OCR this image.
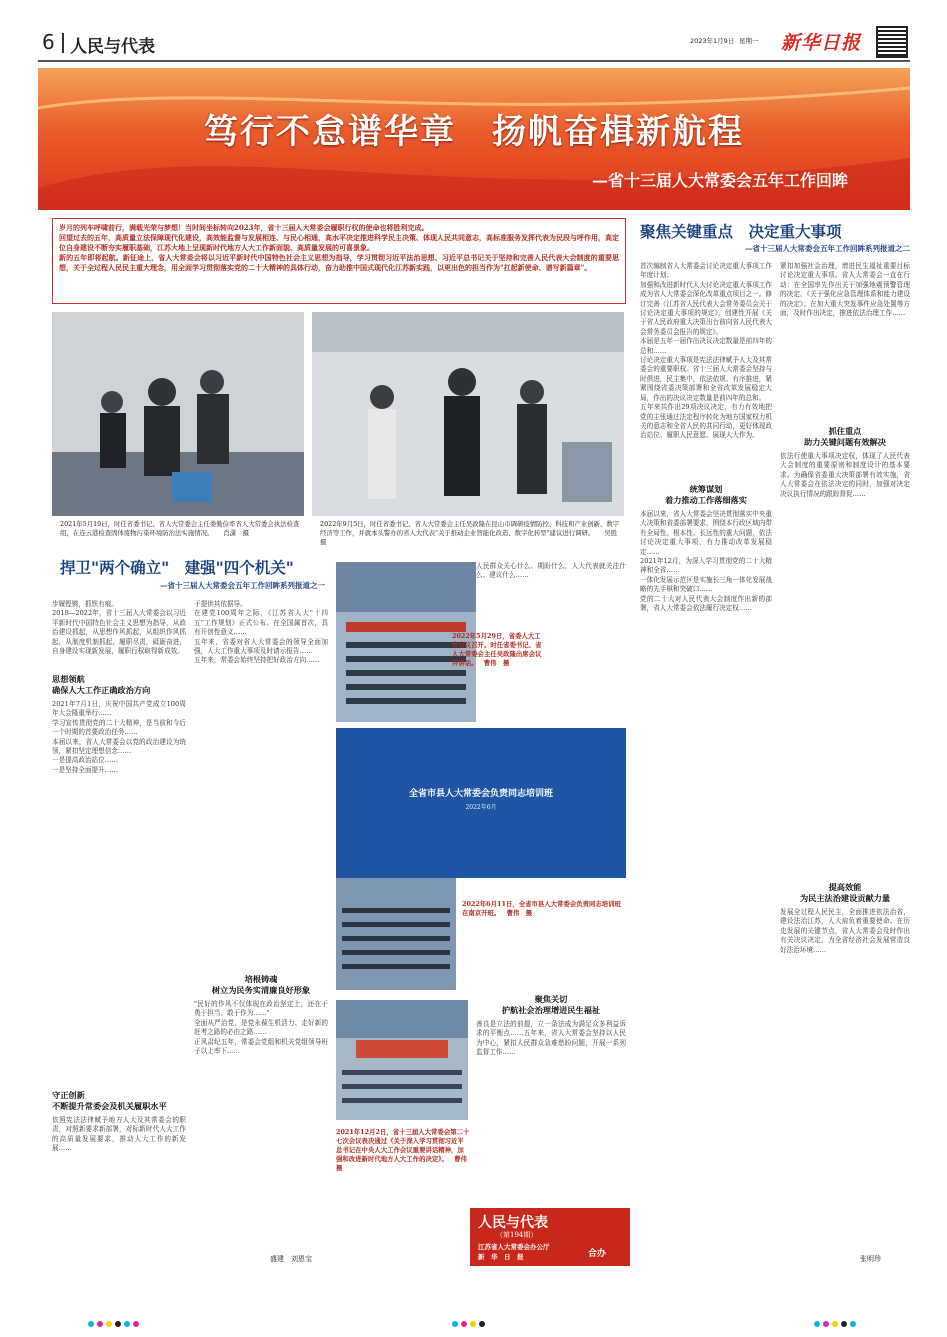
6 人民与代表	2023年1月9日 星期一 新华日报
笃行不怠谱华章　扬帆奋楫新航程
—省十三届人大常委会五年工作回眸
岁月的列车呼啸前行，满载光荣与梦想！当时间坐标转向2023年，省十三届人大常委会履职行权的使命也将胜利完成。
回望过去的五年，高质量立法保障现代化建设，高效能监督与发展相连、与民心相通，高水平决定推进科学民主决策、体现人民共同意志，高标准服务发挥代表为民段与呼作用，高定位自身建设不断夯实履职基础，江苏大地上呈现新时代地方人大工作新面貌、高质量发展的可喜景象。
新的五年即将起航。新征途上，省人大常委会将以习近平新时代中国特色社会主义思想为指导，学习贯彻习近平法治思想、习近平总书记关于坚持和完善人民代表大会制度的重要思想，关于全过程人民民主重大理念，用全面学习贯彻落实党的二十大精神的具体行动，奋力助推中国式现代化江苏新实践，以更出色的担当作为"扛起新使命、谱写新篇章"。
2021年5月19日，时任省委书记、省人大常委会主任娄勤俭率省人大常委会执法检查组，在连云港检查固体废物污染环境防治法实施情况。 肖潇　摄
2022年9月5日，时任省委书记、省人大常委会主任吴政隆在昆山市调研疫情防控、科技和产业创新、数字经济等工作，并就本头警办的省人大代表"关于推动企业智能化改造、数字化转型"建议进行调研。 吴胜　摄
聚焦关键重点　决定重大事项
—省十三届人大常委会五年工作回眸系列报道之二
首次编制省人大常委会讨论决定重大事项工作年度计划；
加强和改进新时代人大讨论决定重大事项工作成为省人大常委会深化改革重点项目之一。修订完善《江苏省人民代表大会常务委员会关于讨论决定重大事项的规定》，创建性开展《关于省人民政府重大决策出台前向省人民代表大会常务委员会报告的规定》。
本届是五年一届作出决议决定数量是前四年的总和……
讨论决定重大事项是宪法法律赋予人大及其常委会的重要职权。省十三届人大常委会坚持与时俱进，民主集中，依法依规、有序推进，紧紧围绕省委决策部署和全省改革发展稳定大局，作出的决议决定数量是前四年的总和。
五年来共作出29项决议决定，有力有效地把党的主张通过法定程序转化为地方国家权力机关的意志和全省人民的共同行动，更好体现政治站位、履职人民意愿、展现人大作为。
统筹谋划
着力推动工作落细落实
本届以来，省人大常委会坚决贯彻落实中央重大决策和省委部署要求，围绕本行政区域内带有全局性、根本性、长远性的重大问题，依法讨论决定重大事项，有力推动改革发展稳定……
2021年12月，为深入学习贯彻党的二十大精神和全省……
一体化发展示范区是实施长三角一体化发展战略的先手棋和突破口……
党的二十大对人民代表大会制度作出新的部署，省人大常委会依法履行决定权……
紧扣加强社会治理，增进民生福祉重要目标讨论决定重大事项。省人大常委会一直在行动：在全国率先作出关于加强地震预警管理的决定，《关于强化应急管理体系和能力建设的决定》；在加大重大突发事件应急处置等方面，及时作出决定，推进依法治理工作……
抓住重点
助力关键问题有效解决
依法行使重大事项决定权，体现了人民代表大会制度的重要原则和制度设计的基本要求。为确保省委重大决策部署有效实施，省人大常委会在依法决定的同时，加强对决定决议执行情况的跟踪督促……
提高效能
为民主法治建设贡献力量
发展全过程人民民主，全面推进依法治省，建设法治江苏，人大肩负着重要使命。在历史发展的关键节点，省人大常委会及时作出有关决议决定，为全省经济社会发展营造良好法治环境……
张明珍
捍卫"两个确立"　建强"四个机关"
—省十三届人大常委会五年工作回眸系列报道之一
步履铿锵，抓铁有痕。
2018—2022年，省十三届人大常委会以习近平新时代中国特色社会主义思想为指导，从政治建设抓起，从思想作风抓起，从组织作风抓起，从制度机制抓起，履职尽责，砥砺奋进，自身建设实现新发展，履职行权取得新成效。
思想领航
确保人大工作正确政治方向
2021年7月1日，庆祝中国共产党成立100周年大会隆重举行……
学习宣传贯彻党的二十大精神，是当前和今后一个时期的首要政治任务……
本届以来，省人大常委会以党的政治建设为统领，紧扣坚定理想信念……
一是提高政治站位……
一是坚持全面提升……
守正创新
不断提升常委会及机关履职水平
依照宪法法律赋予地方人大及其常委会的职责，对照新要求新部署，对标新时代人大工作的高质量发展要求，推动人大工作的新发展……
于提供其依据导。
在建党100周年之际，《江苏省人大"十四五"工作规划》正式公布。在全国属首次，具有开创性意义……
五年来，省委对省人大常委会的领导全面加强，人大工作重大事项及时请示报告……
五年来，常委会始终坚持把好政治方向……
培根铸魂
树立为民务实清廉良好形象
"民好的作风不仅体现在政治坚定上，还在于勇于担当、敢于作为……"
全面从严治党，是党永葆生机活力、走好新的赶考之路的必由之路……
正风肃纪五年，常委会党组和机关党组领导班子以上率下……
盛建　刘恩宝
2022年5月29日，省委人大工作会议召开。时任省委书记、省人大常委会主任吴政隆出席会议并讲话。 曹伟　摄
全省市县人大常委会负责同志培训班
2022年6月
2022年6月11日，全省市县人大常委会负责同志培训班在南京开班。 曹伟　摄
人民群众关心什么、期盼什么，人大代表就关注什么、建议什么……
聚焦关切
护航社会治理增进民生福祉
善良是立法的前提，立一条法成为满足众多利益诉求的平衡点……五年来，省人大常委会坚持以人民为中心，紧扣人民群众急难愁盼问题，开展一系列监督工作……
2021年12月2日，省十三届人大常委会第二十七次会议表决通过《关于深入学习贯彻习近平总书记在中央人大工作会议重要讲话精神，加强和改进新时代地方人大工作的决定》。 曹伟　摄
人民与代表
（第194期）
江苏省人大常委会办公厅
新　华　日　报	合办
